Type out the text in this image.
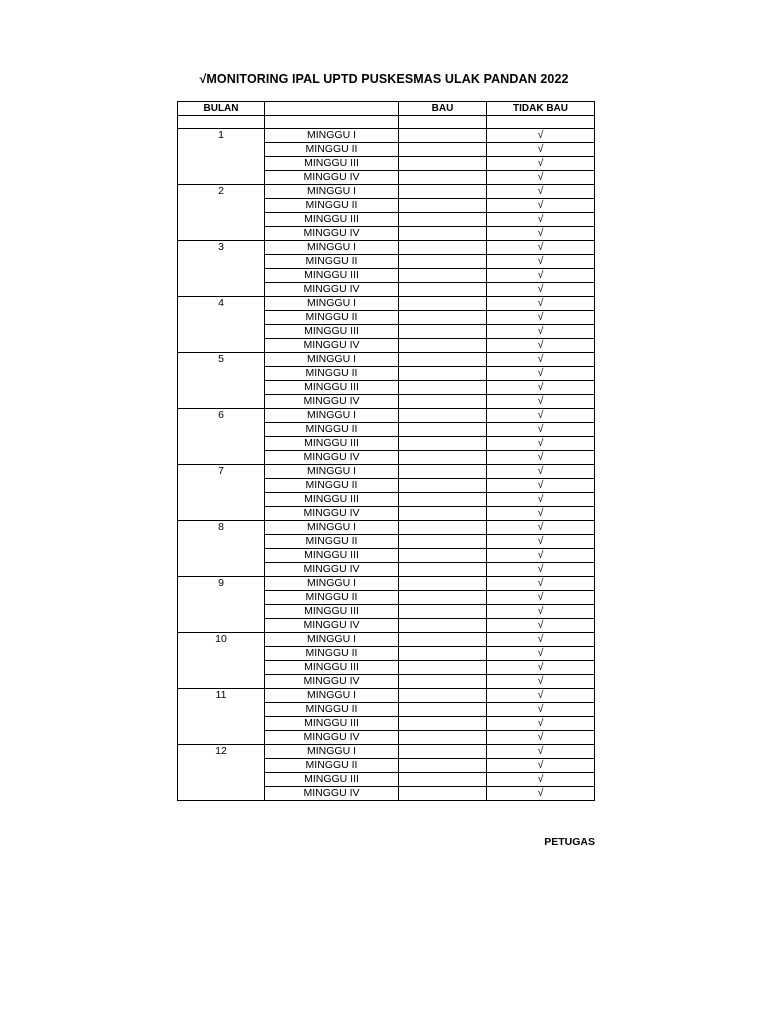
√MONITORING IPAL UPTD PUSKESMAS ULAK PANDAN 2022
BULAN		BAU	TIDAK BAU

1	MINGGU I		√
	MINGGU II		√
	MINGGU III		√
	MINGGU IV		√
2	MINGGU I		√
	MINGGU II		√
	MINGGU III		√
	MINGGU IV		√
3	MINGGU I		√
	MINGGU II		√
	MINGGU III		√
	MINGGU IV		√
4	MINGGU I		√
	MINGGU II		√
	MINGGU III		√
	MINGGU IV		√
5	MINGGU I		√
	MINGGU II		√
	MINGGU III		√
	MINGGU IV		√
6	MINGGU I		√
	MINGGU II		√
	MINGGU III		√
	MINGGU IV		√
7	MINGGU I		√
	MINGGU II		√
	MINGGU III		√
	MINGGU IV		√
8	MINGGU I		√
	MINGGU II		√
	MINGGU III		√
	MINGGU IV		√
9	MINGGU I		√
	MINGGU II		√
	MINGGU III		√
	MINGGU IV		√
10	MINGGU I		√
	MINGGU II		√
	MINGGU III		√
	MINGGU IV		√
11	MINGGU I		√
	MINGGU II		√
	MINGGU III		√
	MINGGU IV		√
12	MINGGU I		√
	MINGGU II		√
	MINGGU III		√
	MINGGU IV		√
PETUGAS
